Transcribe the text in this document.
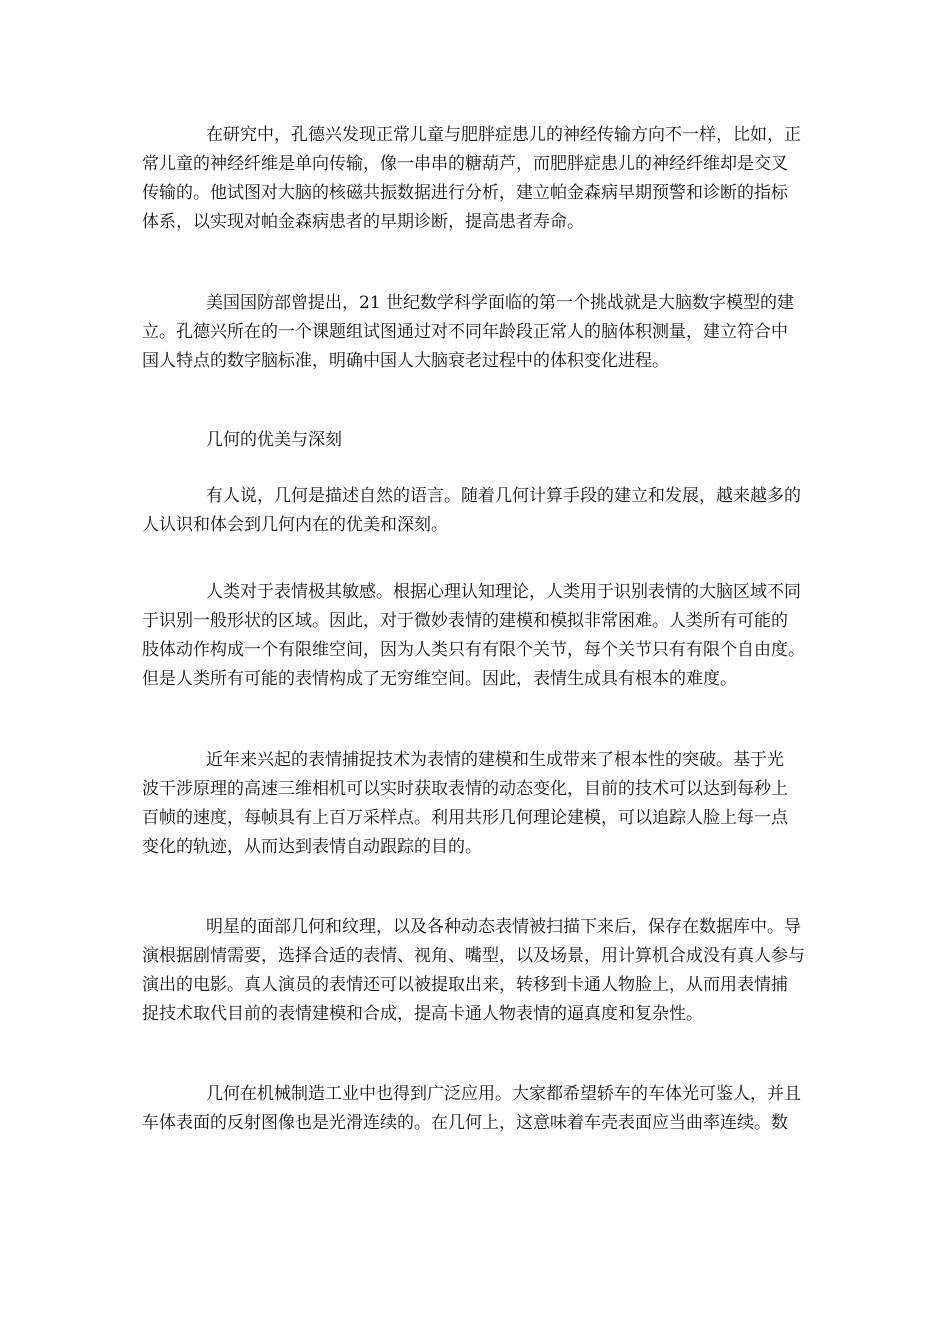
在研究中，孔德兴发现正常儿童与肥胖症患儿的神经传输方向不一样，比如，正
常儿童的神经纤维是单向传输，像一串串的糖葫芦，而肥胖症患儿的神经纤维却是交叉
传输的。他试图对大脑的核磁共振数据进行分析，建立帕金森病早期预警和诊断的指标
体系，以实现对帕金森病患者的早期诊断，提高患者寿命。
美国国防部曾提出，21 世纪数学科学面临的第一个挑战就是大脑数字模型的建
立。孔德兴所在的一个课题组试图通过对不同年龄段正常人的脑体积测量，建立符合中
国人特点的数字脑标准，明确中国人大脑衰老过程中的体积变化进程。
几何的优美与深刻
有人说，几何是描述自然的语言。随着几何计算手段的建立和发展，越来越多的
人认识和体会到几何内在的优美和深刻。
人类对于表情极其敏感。根据心理认知理论，人类用于识别表情的大脑区域不同
于识别一般形状的区域。因此，对于微妙表情的建模和模拟非常困难。人类所有可能的
肢体动作构成一个有限维空间，因为人类只有有限个关节，每个关节只有有限个自由度。
但是人类所有可能的表情构成了无穷维空间。因此，表情生成具有根本的难度。
近年来兴起的表情捕捉技术为表情的建模和生成带来了根本性的突破。基于光
波干涉原理的高速三维相机可以实时获取表情的动态变化，目前的技术可以达到每秒上
百帧的速度，每帧具有上百万采样点。利用共形几何理论建模，可以追踪人脸上每一点
变化的轨迹，从而达到表情自动跟踪的目的。
明星的面部几何和纹理，以及各种动态表情被扫描下来后，保存在数据库中。导
演根据剧情需要，选择合适的表情、视角、嘴型，以及场景，用计算机合成没有真人参与
演出的电影。真人演员的表情还可以被提取出来，转移到卡通人物脸上，从而用表情捕
捉技术取代目前的表情建模和合成，提高卡通人物表情的逼真度和复杂性。
几何在机械制造工业中也得到广泛应用。大家都希望轿车的车体光可鉴人，并且
车体表面的反射图像也是光滑连续的。在几何上，这意味着车壳表面应当曲率连续。数
